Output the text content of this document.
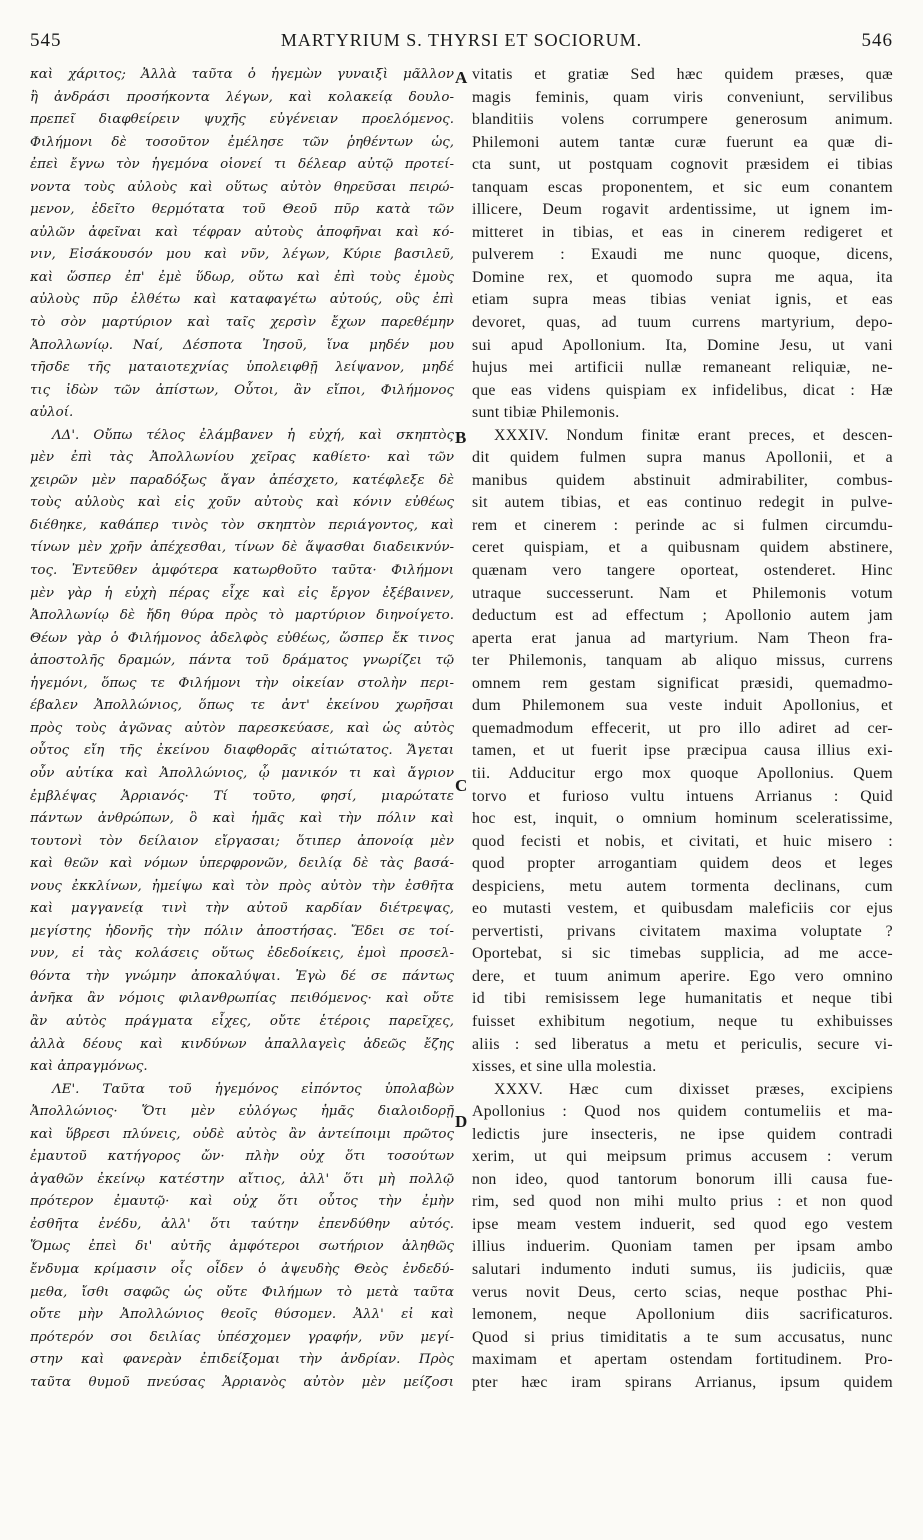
545	MARTYRIUM S. THYRSI ET SOCIORUM.	546
καὶ χάριτος; Ἀλλὰ ταῦτα ὁ ἡγεμὼν γυναιξὶ μᾶλλον
ἢ ἀνδράσι προσήκοντα λέγων, καὶ κολακείᾳ δουλο-
πρεπεῖ διαφθείρειν ψυχῆς εὐγένειαν προελόμενος.
Φιλήμονι δὲ τοσοῦτον ἐμέλησε τῶν ῥηθέντων ὡς,
ἐπεὶ ἔγνω τὸν ἡγεμόνα οἱονεί τι δέλεαρ αὐτῷ προτεί-
νοντα τοὺς αὐλοὺς καὶ οὕτως αὐτὸν θηρεῦσαι πειρώ-
μενον, ἐδεῖτο θερμότατα τοῦ Θεοῦ πῦρ κατὰ τῶν
αὐλῶν ἀφεῖναι καὶ τέφραν αὐτοὺς ἀποφῆναι καὶ κό-
νιν, Εἰσάκουσόν μου καὶ νῦν, λέγων, Κύριε βασιλεῦ,
καὶ ὥσπερ ἐπ' ἐμὲ ὕδωρ, οὕτω καὶ ἐπὶ τοὺς ἐμοὺς
αὐλοὺς πῦρ ἐλθέτω καὶ καταφαγέτω αὐτούς, οὓς ἐπὶ
τὸ σὸν μαρτύριον καὶ ταῖς χερσὶν ἔχων παρεθέμην
Ἀπολλωνίῳ. Ναί, Δέσποτα Ἰησοῦ, ἵνα μηδέν μου
τῆσδε τῆς ματαιοτεχνίας ὑπολειφθῇ λείψανον, μηδέ
τις ἰδὼν τῶν ἀπίστων, Οὗτοι, ἂν εἴποι, Φιλήμονος
αὐλοί.
ΛΔ'. Οὔπω τέλος ἐλάμβανεν ἡ εὐχή, καὶ σκηπτὸς
μὲν ἐπὶ τὰς Ἀπολλωνίου χεῖρας καθίετο· καὶ τῶν
χειρῶν μὲν παραδόξως ἄγαν ἀπέσχετο, κατέφλεξε δὲ
τοὺς αὐλοὺς καὶ εἰς χοῦν αὐτοὺς καὶ κόνιν εὐθέως
διέθηκε, καθάπερ τινὸς τὸν σκηπτὸν περιάγοντος, καὶ
τίνων μὲν χρῆν ἀπέχεσθαι, τίνων δὲ ἅψασθαι διαδεικνύν-
τος. Ἐντεῦθεν ἀμφότερα κατωρθοῦτο ταῦτα· Φιλήμονι
μὲν γὰρ ἡ εὐχὴ πέρας εἶχε καὶ εἰς ἔργον ἐξέβαινεν,
Ἀπολλωνίῳ δὲ ἤδη θύρα πρὸς τὸ μαρτύριον διηνοίγετο.
Θέων γὰρ ὁ Φιλήμονος ἀδελφὸς εὐθέως, ὥσπερ ἔκ τινος
ἀποστολῆς δραμών, πάντα τοῦ δράματος γνωρίζει τῷ
ἡγεμόνι, ὅπως τε Φιλήμονι τὴν οἰκείαν στολὴν περι-
έβαλεν Ἀπολλώνιος, ὅπως τε ἀντ' ἐκείνου χωρῆσαι
πρὸς τοὺς ἀγῶνας αὐτὸν παρεσκεύασε, καὶ ὡς αὐτὸς
οὗτος εἴη τῆς ἐκείνου διαφθορᾶς αἰτιώτατος. Ἄγεται
οὖν αὐτίκα καὶ Ἀπολλώνιος, ᾧ μανικόν τι καὶ ἄγριον
ἐμβλέψας Ἀρριανός· Τί τοῦτο, φησί, μιαρώτατε
πάντων ἀνθρώπων, ὃ καὶ ἡμᾶς καὶ τὴν πόλιν καὶ
τουτονὶ τὸν δείλαιον εἴργασαι; ὅτιπερ ἀπονοίᾳ μὲν
καὶ θεῶν καὶ νόμων ὑπερφρονῶν, δειλίᾳ δὲ τὰς βασά-
νους ἐκκλίνων, ἠμείψω καὶ τὸν πρὸς αὐτὸν τὴν ἐσθῆτα
καὶ μαγγανείᾳ τινὶ τὴν αὐτοῦ καρδίαν διέτρεψας,
μεγίστης ἡδονῆς τὴν πόλιν ἀποστήσας. Ἔδει σε τοί-
νυν, εἰ τὰς κολάσεις οὕτως ἐδεδοίκεις, ἐμοὶ προσελ-
θόντα τὴν γνώμην ἀποκαλύψαι. Ἐγὼ δέ σε πάντως
ἀνῆκα ἂν νόμοις φιλανθρωπίας πειθόμενος· καὶ οὔτε
ἂν αὐτὸς πράγματα εἶχες, οὔτε ἑτέροις παρεῖχες,
ἀλλὰ δέους καὶ κινδύνων ἀπαλλαγεὶς ἀδεῶς ἔζης
καὶ ἀπραγμόνως.
ΛΕ'. Ταῦτα τοῦ ἡγεμόνος εἰπόντος ὑπολαβὼν
Ἀπολλώνιος· Ὅτι μὲν εὐλόγως ἡμᾶς διαλοιδορῇ
καὶ ὕβρεσι πλύνεις, οὐδὲ αὐτὸς ἂν ἀντείποιμι πρῶτος
ἐμαυτοῦ κατήγορος ὤν· πλὴν οὐχ ὅτι τοσούτων
ἀγαθῶν ἐκείνῳ κατέστην αἴτιος, ἀλλ' ὅτι μὴ πολλῷ
πρότερον ἐμαυτῷ· καὶ οὐχ ὅτι οὗτος τὴν ἐμὴν
ἐσθῆτα ἐνέδυ, ἀλλ' ὅτι ταύτην ἐπενδύθην αὐτός.
Ὅμως ἐπεὶ δι' αὐτῆς ἀμφότεροι σωτήριον ἀληθῶς
ἔνδυμα κρίμασιν οἷς οἶδεν ὁ ἀψευδὴς Θεὸς ἐνδεδύ-
μεθα, ἴσθι σαφῶς ὡς οὔτε Φιλήμων τὸ μετὰ ταῦτα
οὔτε μὴν Ἀπολλώνιος θεοῖς θύσομεν. Ἀλλ' εἰ καὶ
πρότερόν σοι δειλίας ὑπέσχομεν γραφήν, νῦν μεγί-
στην καὶ φανερὰν ἐπιδείξομαι τὴν ἀνδρίαν. Πρὸς
ταῦτα θυμοῦ πνεύσας Ἀρριανὸς αὐτὸν μὲν μείζοσι
vitatis et gratiæ Sed hæc quidem præses, quæ
magis feminis, quam viris conveniunt, servilibus
blanditiis volens corrumpere generosum animum.
Philemoni autem tantæ curæ fuerunt ea quæ di-
cta sunt, ut postquam cognovit præsidem ei tibias
tanquam escas proponentem, et sic eum conantem
illicere, Deum rogavit ardentissime, ut ignem im-
mitteret in tibias, et eas in cinerem redigeret et
pulverem : Exaudi me nunc quoque, dicens,
Domine rex, et quomodo supra me aqua, ita
etiam supra meas tibias veniat ignis, et eas
devoret, quas, ad tuum currens martyrium, depo-
sui apud Apollonium. Ita, Domine Jesu, ut vani
hujus mei artificii nullæ remaneant reliquiæ, ne-
que eas videns quispiam ex infidelibus, dicat : Hæ
sunt tibiæ Philemonis.
XXXIV. Nondum finitæ erant preces, et descen-
dit quidem fulmen supra manus Apollonii, et a
manibus quidem abstinuit admirabiliter, combus-
sit autem tibias, et eas continuo redegit in pulve-
rem et cinerem : perinde ac si fulmen circumdu-
ceret quispiam, et a quibusnam quidem abstinere,
quænam vero tangere oporteat, ostenderet. Hinc
utraque successerunt. Nam et Philemonis votum
deductum est ad effectum ; Apollonio autem jam
aperta erat janua ad martyrium. Nam Theon fra-
ter Philemonis, tanquam ab aliquo missus, currens
omnem rem gestam significat præsidi, quemadmo-
dum Philemonem sua veste induit Apollonius, et
quemadmodum effecerit, ut pro illo adiret ad cer-
tamen, et ut fuerit ipse præcipua causa illius exi-
tii. Adducitur ergo mox quoque Apollonius. Quem
torvo et furioso vultu intuens Arrianus : Quid
hoc est, inquit, o omnium hominum sceleratissime,
quod fecisti et nobis, et civitati, et huic misero :
quod propter arrogantiam quidem deos et leges
despiciens, metu autem tormenta declinans, cum
eo mutasti vestem, et quibusdam maleficiis cor ejus
pervertisti, privans civitatem maxima voluptate ?
Oportebat, si sic timebas supplicia, ad me acce-
dere, et tuum animum aperire. Ego vero omnino
id tibi remisissem lege humanitatis et neque tibi
fuisset exhibitum negotium, neque tu exhibuisses
aliis : sed liberatus a metu et periculis, secure vi-
xisses, et sine ulla molestia.
XXXV. Hæc cum dixisset præses, excipiens
Apollonius : Quod nos quidem contumeliis et ma-
ledictis jure insecteris, ne ipse quidem contradi
xerim, ut qui meipsum primus accusem : verum
non ideo, quod tantorum bonorum illi causa fue-
rim, sed quod non mihi multo prius : et non quod
ipse meam vestem induerit, sed quod ego vestem
illius induerim. Quoniam tamen per ipsam ambo
salutari indumento induti sumus, iis judiciis, quæ
verus novit Deus, certo scias, neque posthac Phi-
lemonem, neque Apollonium diis sacrificaturos.
Quod si prius timiditatis a te sum accusatus, nunc
maximam et apertam ostendam fortitudinem. Pro-
pter hæc iram spirans Arrianus, ipsum quidem
A
B
C
D
